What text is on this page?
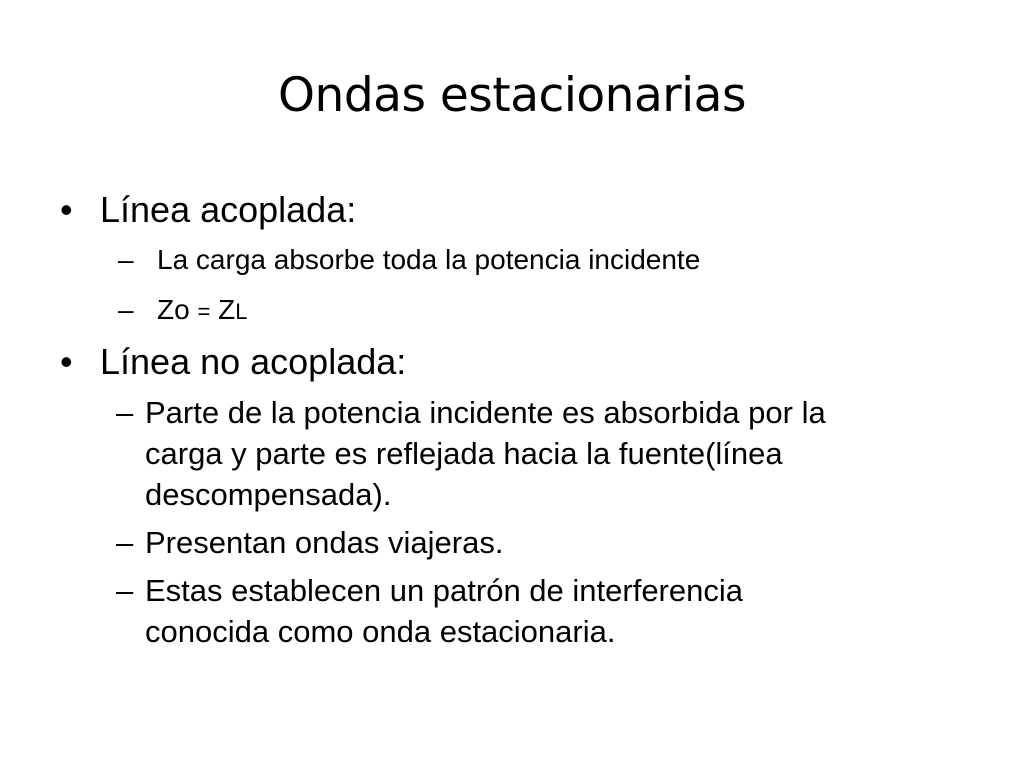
Ondas estacionarias
• Línea acoplada:
– La carga absorbe toda la potencia incidente
– Zo = ZL
• Línea no acoplada:
– Parte de la potencia incidente es absorbida por la
carga y parte es reflejada hacia la fuente(línea
descompensada).
– Presentan ondas viajeras.
– Estas establecen un patrón de interferencia
conocida como onda estacionaria.
